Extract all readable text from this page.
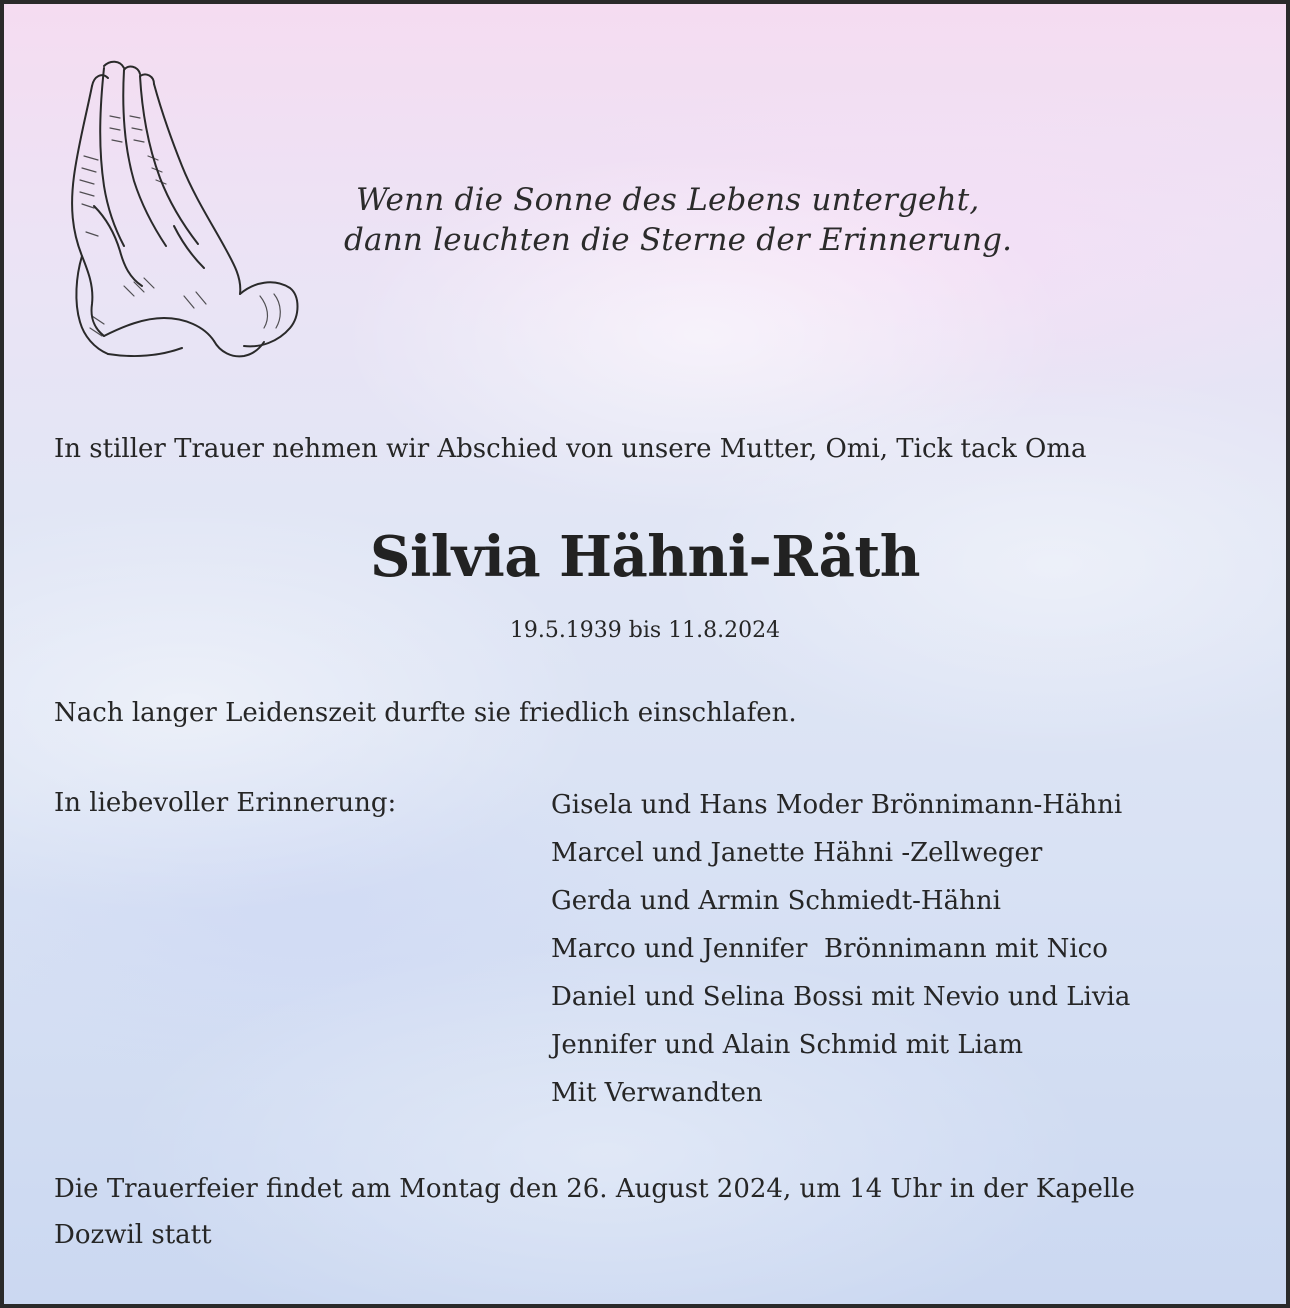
Wenn die Sonne des Lebens untergeht,
dann leuchten die Sterne der Erinnerung.
In stiller Trauer nehmen wir Abschied von unsere Mutter, Omi, Tick tack Oma
Silvia Hähni-Räth
19.5.1939 bis 11.8.2024
Nach langer Leidenszeit durfte sie friedlich einschlafen.
In liebevoller Erinnerung:	Gisela und Hans Moder Brönnimann-Hähni
Marcel und Janette Hähni -Zellweger
Gerda und Armin Schmiedt-Hähni
Marco und Jennifer  Brönnimann mit Nico
Daniel und Selina Bossi mit Nevio und Livia
Jennifer und Alain Schmid mit Liam
Mit Verwandten
Die Trauerfeier findet am Montag den 26. August 2024, um 14 Uhr in der Kapelle
Dozwil statt
